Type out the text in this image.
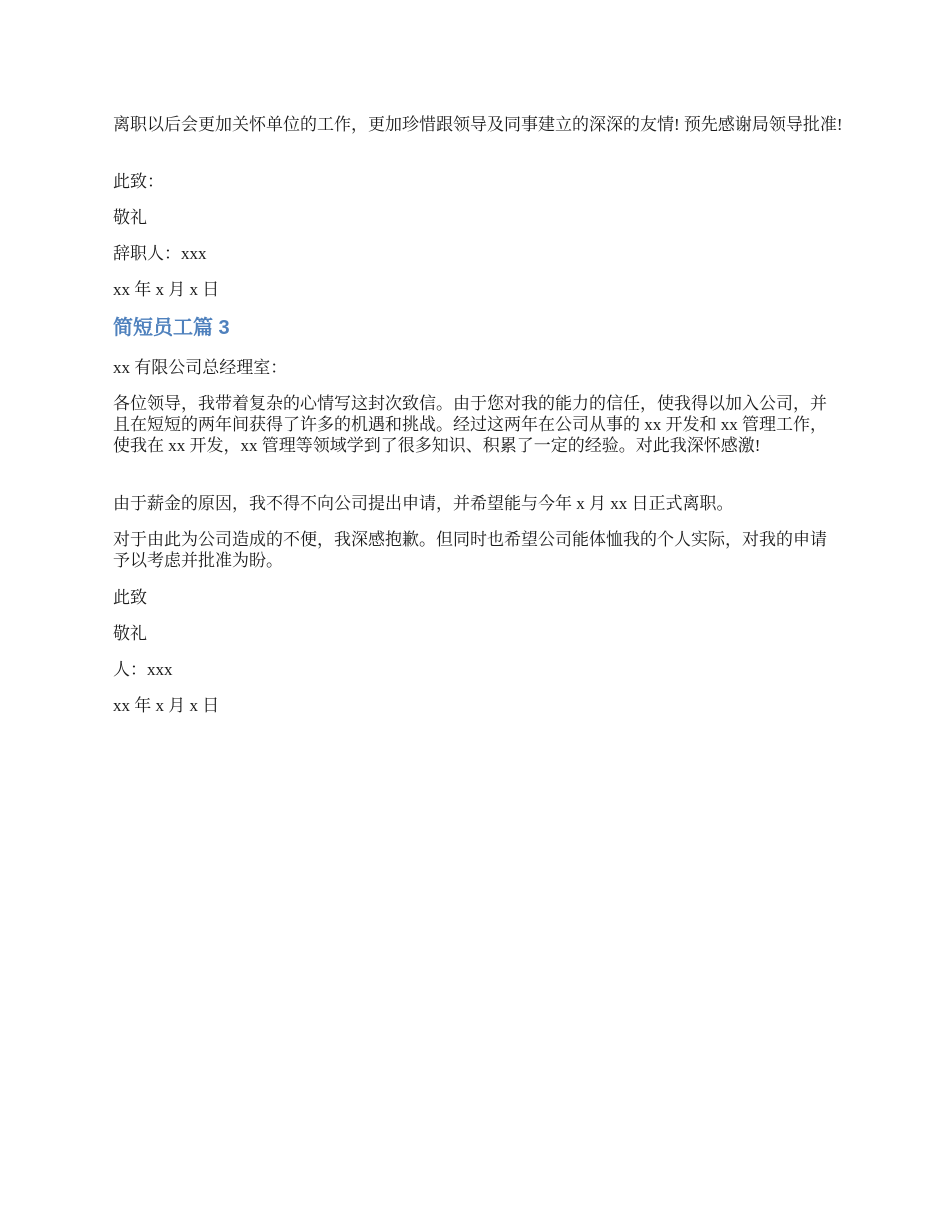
离职以后会更加关怀单位的工作，更加珍惜跟领导及同事建立的深深的友情! 预先感谢局领导批准!
此致：
敬礼
辞职人：xxx
xx 年 x 月 x 日
简短员工篇 3
xx 有限公司总经理室：
各位领导，我带着复杂的心情写这封次致信。由于您对我的能力的信任，使我得以加入公司，并且在短短的两年间获得了许多的机遇和挑战。经过这两年在公司从事的 xx 开发和 xx 管理工作，使我在 xx 开发，xx 管理等领域学到了很多知识、积累了一定的经验。对此我深怀感激!
由于薪金的原因，我不得不向公司提出申请，并希望能与今年 x 月 xx 日正式离职。
对于由此为公司造成的不便，我深感抱歉。但同时也希望公司能体恤我的个人实际，对我的申请予以考虑并批准为盼。
此致
敬礼
人：xxx
xx 年 x 月 x 日
